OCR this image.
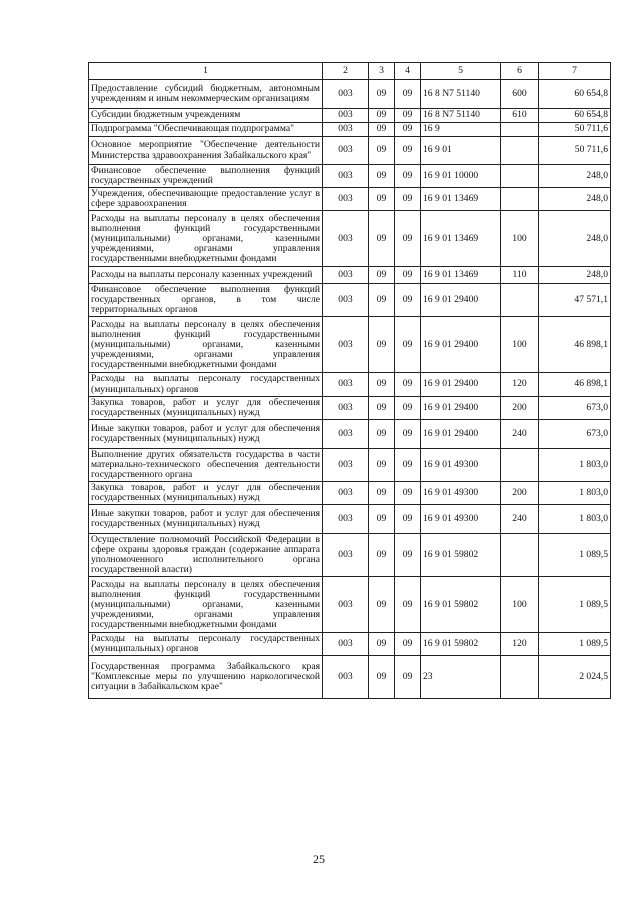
1	2	3	4	5	6	7
Предоставление субсидий бюджетным, автономным учреждениям и иным некоммерческим организациям	003	09	09	16 8 N7 51140	600	60 654,8
Субсидии бюджетным учреждениям	003	09	09	16 8 N7 51140	610	60 654,8
Подпрограмма "Обеспечивающая подпрограмма"	003	09	09	16 9		50 711,6
Основное мероприятие "Обеспечение деятельности Министерства здравоохранения Забайкальского края"	003	09	09	16 9 01		50 711,6
Финансовое обеспечение выполнения функций государственных учреждений	003	09	09	16 9 01 10000		248,0
Учреждения, обеспечивающие предоставление услуг в сфере здравоохранения	003	09	09	16 9 01 13469		248,0
Расходы на выплаты персоналу в целях обеспечения выполнения функций государственными (муниципальными) органами, казенными учреждениями, органами управления государственными внебюджетными фондами	003	09	09	16 9 01 13469	100	248,0
Расходы на выплаты персоналу казенных учреждений	003	09	09	16 9 01 13469	110	248,0
Финансовое обеспечение выполнения функций государственных органов, в том числе территориальных органов	003	09	09	16 9 01 29400		47 571,1
Расходы на выплаты персоналу в целях обеспечения выполнения функций государственными (муниципальными) органами, казенными учреждениями, органами управления государственными внебюджетными фондами	003	09	09	16 9 01 29400	100	46 898,1
Расходы на выплаты персоналу государственных (муниципальных) органов	003	09	09	16 9 01 29400	120	46 898,1
Закупка товаров, работ и услуг для обеспечения государственных (муниципальных) нужд	003	09	09	16 9 01 29400	200	673,0
Иные закупки товаров, работ и услуг для обеспечения государственных (муниципальных) нужд	003	09	09	16 9 01 29400	240	673,0
Выполнение других обязательств государства в части материально-технического обеспечения деятельности государственного органа	003	09	09	16 9 01 49300		1 803,0
Закупка товаров, работ и услуг для обеспечения государственных (муниципальных) нужд	003	09	09	16 9 01 49300	200	1 803,0
Иные закупки товаров, работ и услуг для обеспечения государственных (муниципальных) нужд	003	09	09	16 9 01 49300	240	1 803,0
Осуществление полномочий Российской Федерации в сфере охраны здоровья граждан (содержание аппарата уполномоченного исполнительного органа государственной власти)	003	09	09	16 9 01 59802		1 089,5
Расходы на выплаты персоналу в целях обеспечения выполнения функций государственными (муниципальными) органами, казенными учреждениями, органами управления государственными внебюджетными фондами	003	09	09	16 9 01 59802	100	1 089,5
Расходы на выплаты персоналу государственных (муниципальных) органов	003	09	09	16 9 01 59802	120	1 089,5
Государственная программа Забайкальского края "Комплексные меры по улучшению наркологической ситуации в Забайкальском крае"	003	09	09	23		2 024,5
25
